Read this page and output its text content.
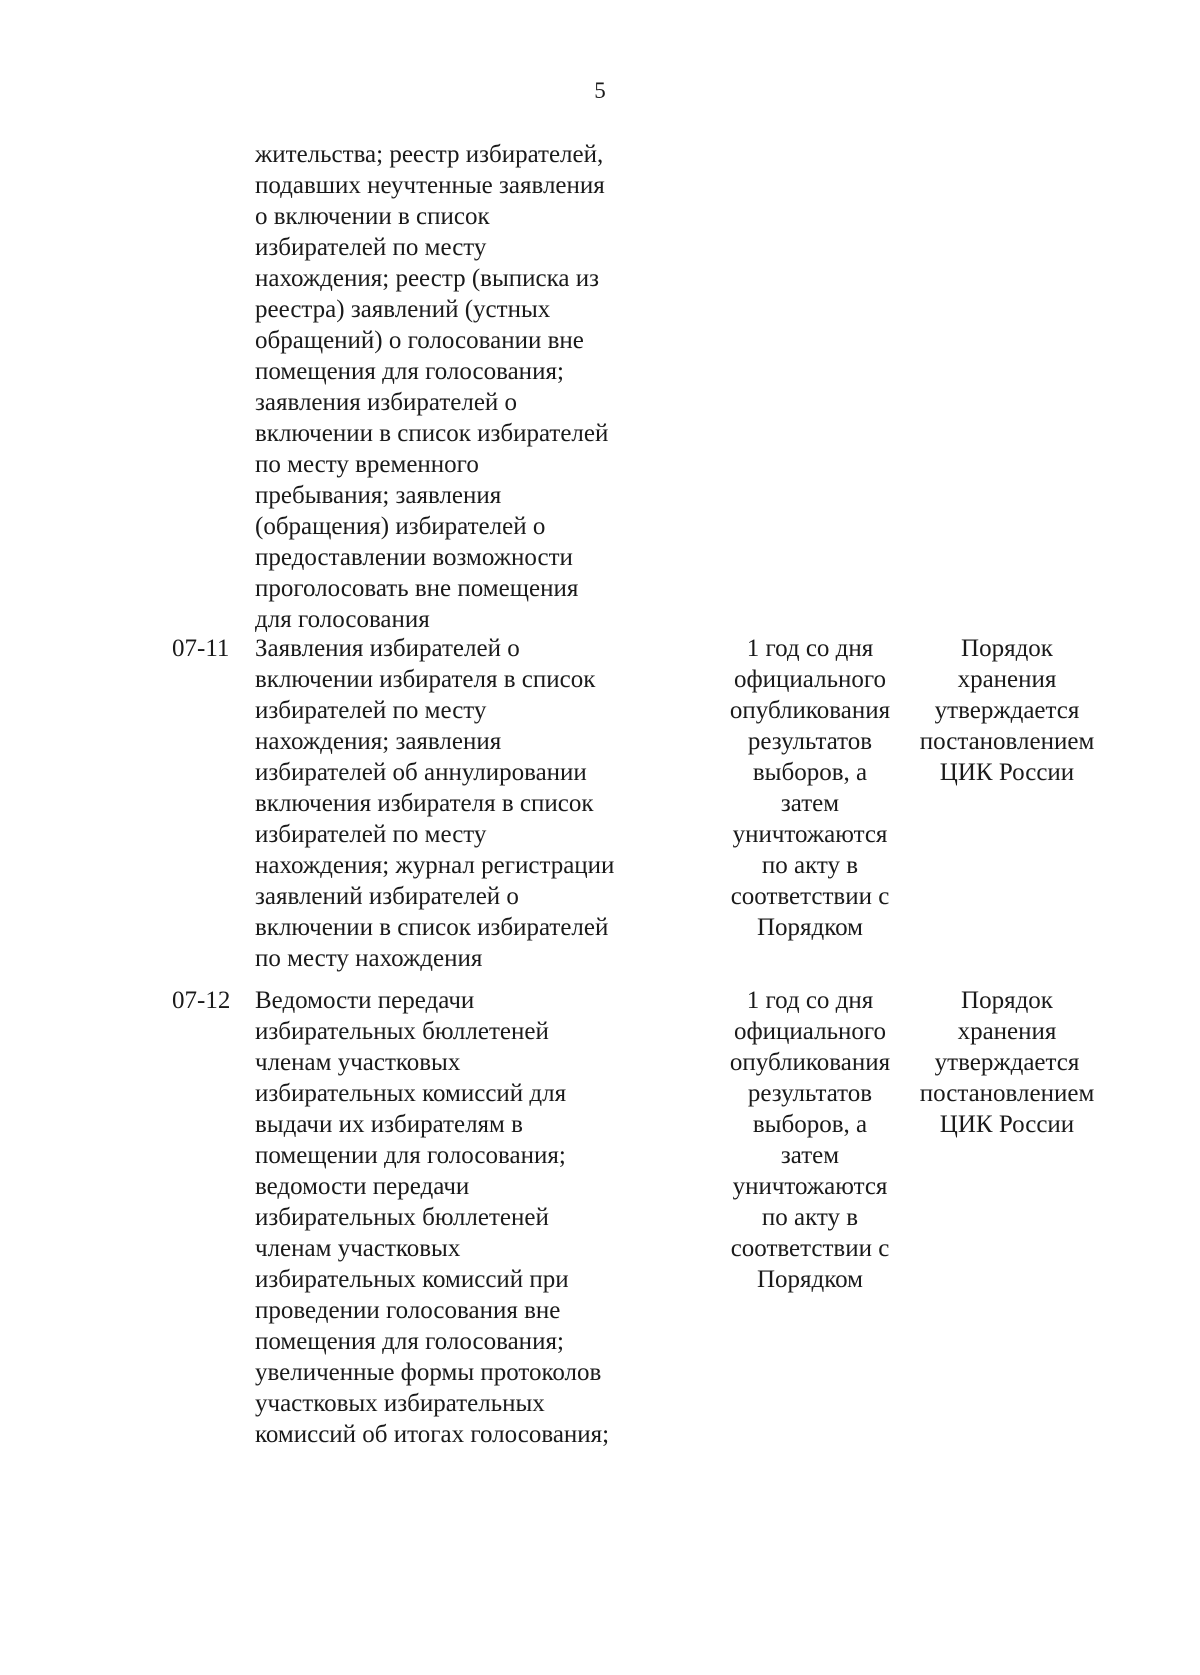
5
жительства; реестр избирателей,
подавших неучтенные заявления
о включении в список
избирателей по месту
нахождения; реестр (выписка из
реестра) заявлений (устных
обращений) о голосовании вне
помещения для голосования;
заявления избирателей о
включении в список избирателей
по месту временного
пребывания; заявления
(обращения) избирателей о
предоставлении возможности
проголосовать вне помещения
для голосования
07-11	Заявления избирателей о
включении избирателя в список
избирателей по месту
нахождения; заявления
избирателей об аннулировании
включения избирателя в список
избирателей по месту
нахождения; журнал регистрации
заявлений избирателей о
включении в список избирателей
по месту нахождения
1 год со дня
официального
опубликования
результатов
выборов, а
затем
уничтожаются
по акту в
соответствии с
Порядком
Порядок
хранения
утверждается
постановлением
ЦИК России
07-12 Ведомости передачи
избирательных бюллетеней
членам участковых
избирательных комиссий для
выдачи их избирателям в
помещении для голосования;
ведомости передачи
избирательных бюллетеней
членам участковых
избирательных комиссий при
проведении голосования вне
помещения для голосования;
увеличенные формы протоколов
участковых избирательных
комиссий об итогах голосования;
1 год со дня
официального
опубликования
результатов
выборов, а
затем
уничтожаются
по акту в
соответствии с
Порядком
Порядок
хранения
утверждается
постановлением
ЦИК России
